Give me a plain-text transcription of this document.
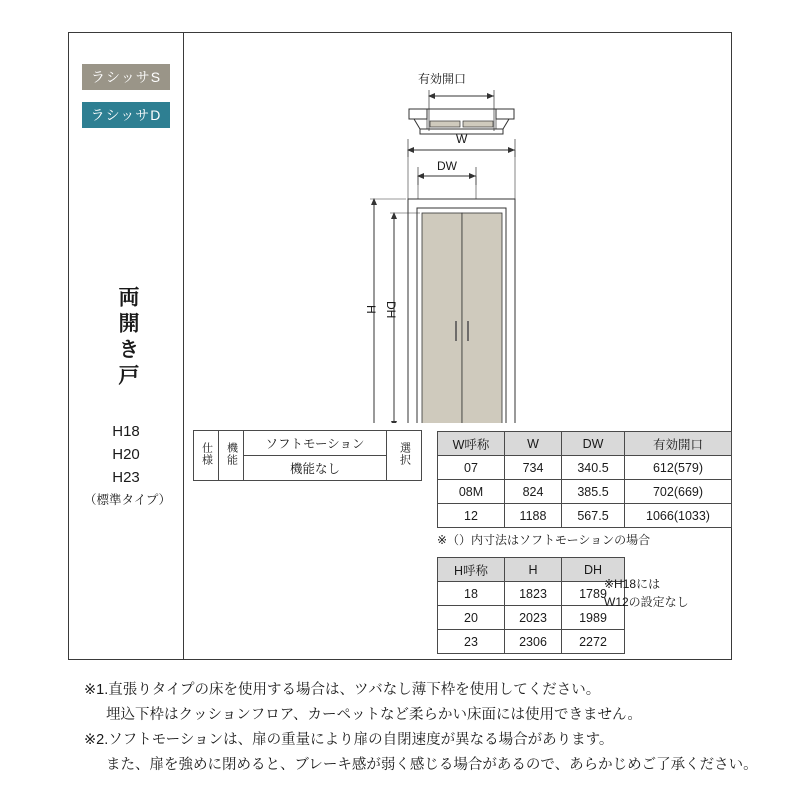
ラシッサS
ラシッサD
両開き戸
H18
H20
H23
（標準タイプ）
有効開口
W
DW
H DH
仕様	機能	ソフトモーション	選択
機能なし
W呼称	W	DW	有効開口
07	734	340.5	612(579)
08M	824	385.5	702(669)
12	1188	567.5	1066(1033)
※（）内寸法はソフトモーションの場合
H呼称	H	DH
18	1823	1789
20	2023	1989
23	2306	2272
※H18には
W12の設定なし
※1.直張りタイプの床を使用する場合は、ツバなし薄下枠を使用してください。
埋込下枠はクッションフロア、カーペットなど柔らかい床面には使用できません。
※2.ソフトモーションは、扉の重量により扉の自閉速度が異なる場合があります。
また、扉を強めに閉めると、ブレーキ感が弱く感じる場合があるので、あらかじめご了承ください。
